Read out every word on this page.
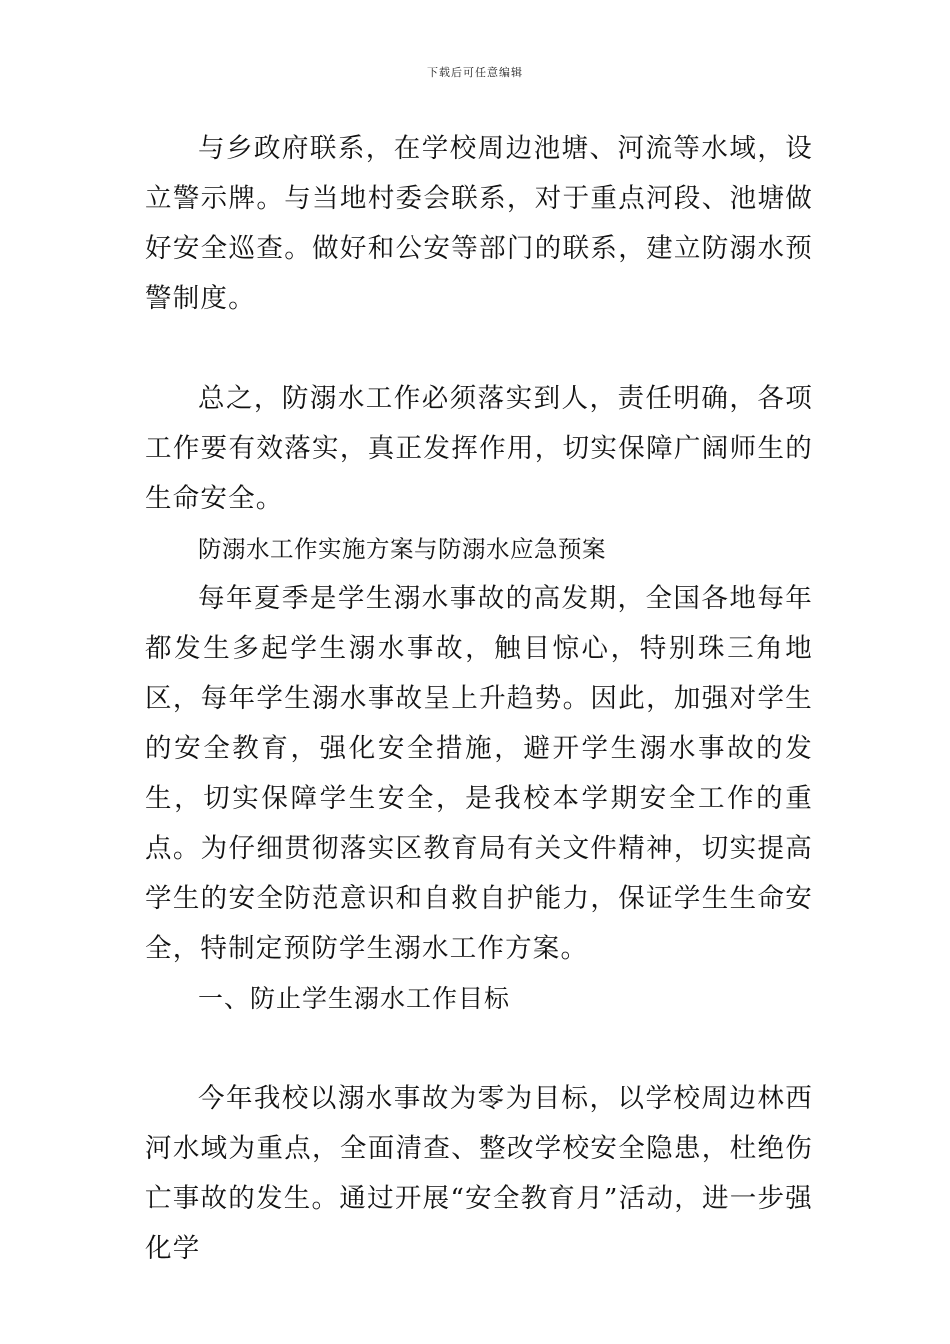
下载后可任意编辑

与乡政府联系，在学校周边池塘、河流等水域，设立警示牌。与当地村委会联系，对于重点河段、池塘做好安全巡查。做好和公安等部门的联系，建立防溺水预警制度。

总之，防溺水工作必须落实到人，责任明确，各项工作要有效落实，真正发挥作用，切实保障广阔师生的生命安全。

防溺水工作实施方案与防溺水应急预案

每年夏季是学生溺水事故的高发期，全国各地每年都发生多起学生溺水事故，触目惊心，特别珠三角地区，每年学生溺水事故呈上升趋势。因此，加强对学生的安全教育，强化安全措施，避开学生溺水事故的发生，切实保障学生安全，是我校本学期安全工作的重点。为仔细贯彻落实区教育局有关文件精神，切实提高学生的安全防范意识和自救自护能力，保证学生生命安全，特制定预防学生溺水工作方案。

一、防止学生溺水工作目标

今年我校以溺水事故为零为目标，以学校周边林西河水域为重点，全面清查、整改学校安全隐患，杜绝伤亡事故的发生。通过开展“安全教育月”活动，进一步强化学
